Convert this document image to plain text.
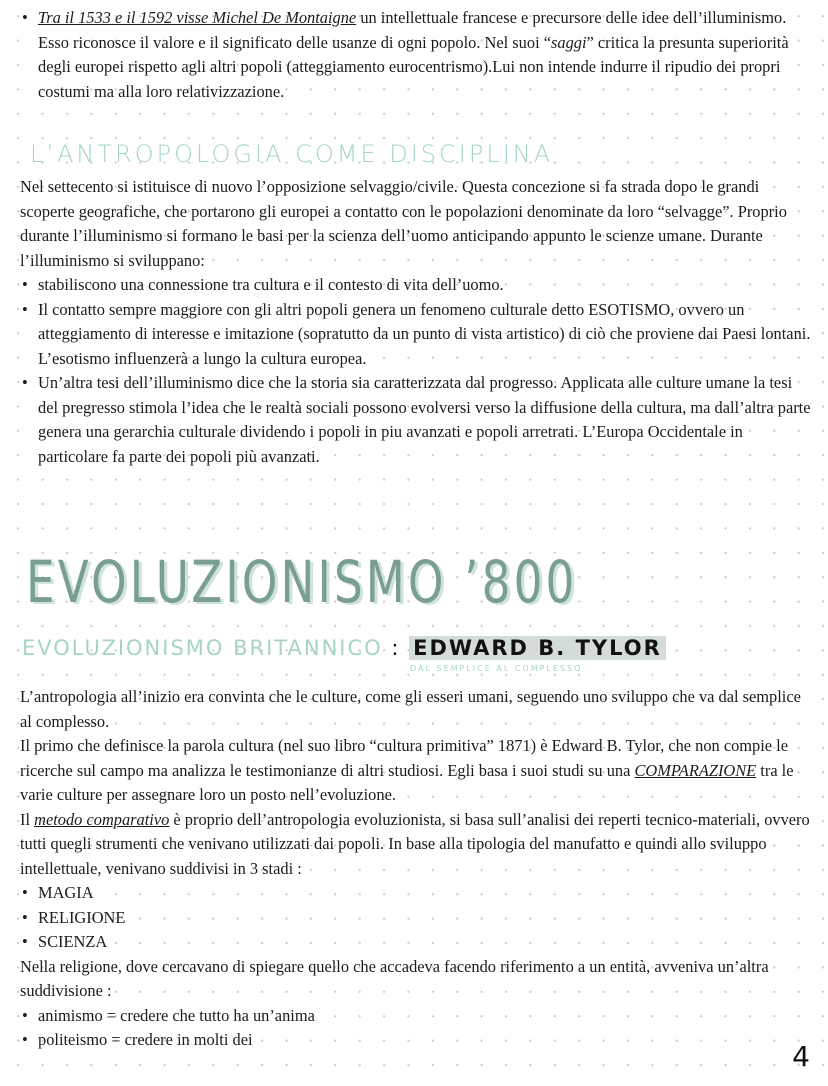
• Tra il 1533 e il 1592 visse Michel De Montaigne un intellettuale francese e precursore delle idee dell’illuminismo. Esso riconosce il valore e il significato delle usanze di ogni popolo. Nel suoi “saggi” critica la presunta superiorità degli europei rispetto agli altri popoli (atteggiamento eurocentrismo).Lui non intende indurre il ripudio dei propri costumi ma alla loro relativizzazione.
L’ANTROPOLOGIA COME DISCIPLINA
Nel settecento si istituisce di nuovo l’opposizione selvaggio/civile. Questa concezione si fa strada dopo le grandi scoperte geografiche, che portarono gli europei a contatto con le popolazioni denominate da loro “selvagge”. Proprio durante l’illuminismo si formano le basi per la scienza dell’uomo anticipando appunto le scienze umane. Durante l’illuminismo si sviluppano:
• stabiliscono una connessione tra cultura e il contesto di vita dell’uomo.
• Il contatto sempre maggiore con gli altri popoli genera un fenomeno culturale detto ESOTISMO, ovvero un atteggiamento di interesse e imitazione (sopratutto da un punto di vista artistico) di ciò che proviene dai Paesi lontani. L’esotismo influenzerà a lungo la cultura europea.
• Un’altra tesi dell’illuminismo dice che la storia sia caratterizzata dal progresso. Applicata alle culture umane la tesi del pregresso stimola l’idea che le realtà sociali possono evolversi verso la diffusione della cultura, ma dall’altra parte genera una gerarchia culturale dividendo i popoli in piu avanzati e popoli arretrati. L’Europa Occidentale in particolare fa parte dei popoli più avanzati.
EVOLUZIONISMO ’800
EVOLUZIONISMO BRITANNICO : EDWARD B. TYLOR
DAL SEMPLICE AL COMPLESSO
L’antropologia all’inizio era convinta che le culture, come gli esseri umani, seguendo uno sviluppo che va dal semplice al complesso.
Il primo che definisce la parola cultura (nel suo libro “cultura primitiva” 1871) è Edward B. Tylor, che non compie le ricerche sul campo ma analizza le testimonianze di altri studiosi. Egli basa i suoi studi su una COMPARAZIONE tra le varie culture per assegnare loro un posto nell’evoluzione.
Il metodo comparativo è proprio dell’antropologia evoluzionista, si basa sull’analisi dei reperti tecnico-materiali, ovvero tutti quegli strumenti che venivano utilizzati dai popoli. In base alla tipologia del manufatto e quindi allo sviluppo intellettuale, venivano suddivisi in 3 stadi :
• MAGIA
• RELIGIONE
• SCIENZA
Nella religione, dove cercavano di spiegare quello che accadeva facendo riferimento a un entità, avveniva un’altra suddivisione :
• animismo = credere che tutto ha un’anima
• politeismo = credere in molti dei
4
